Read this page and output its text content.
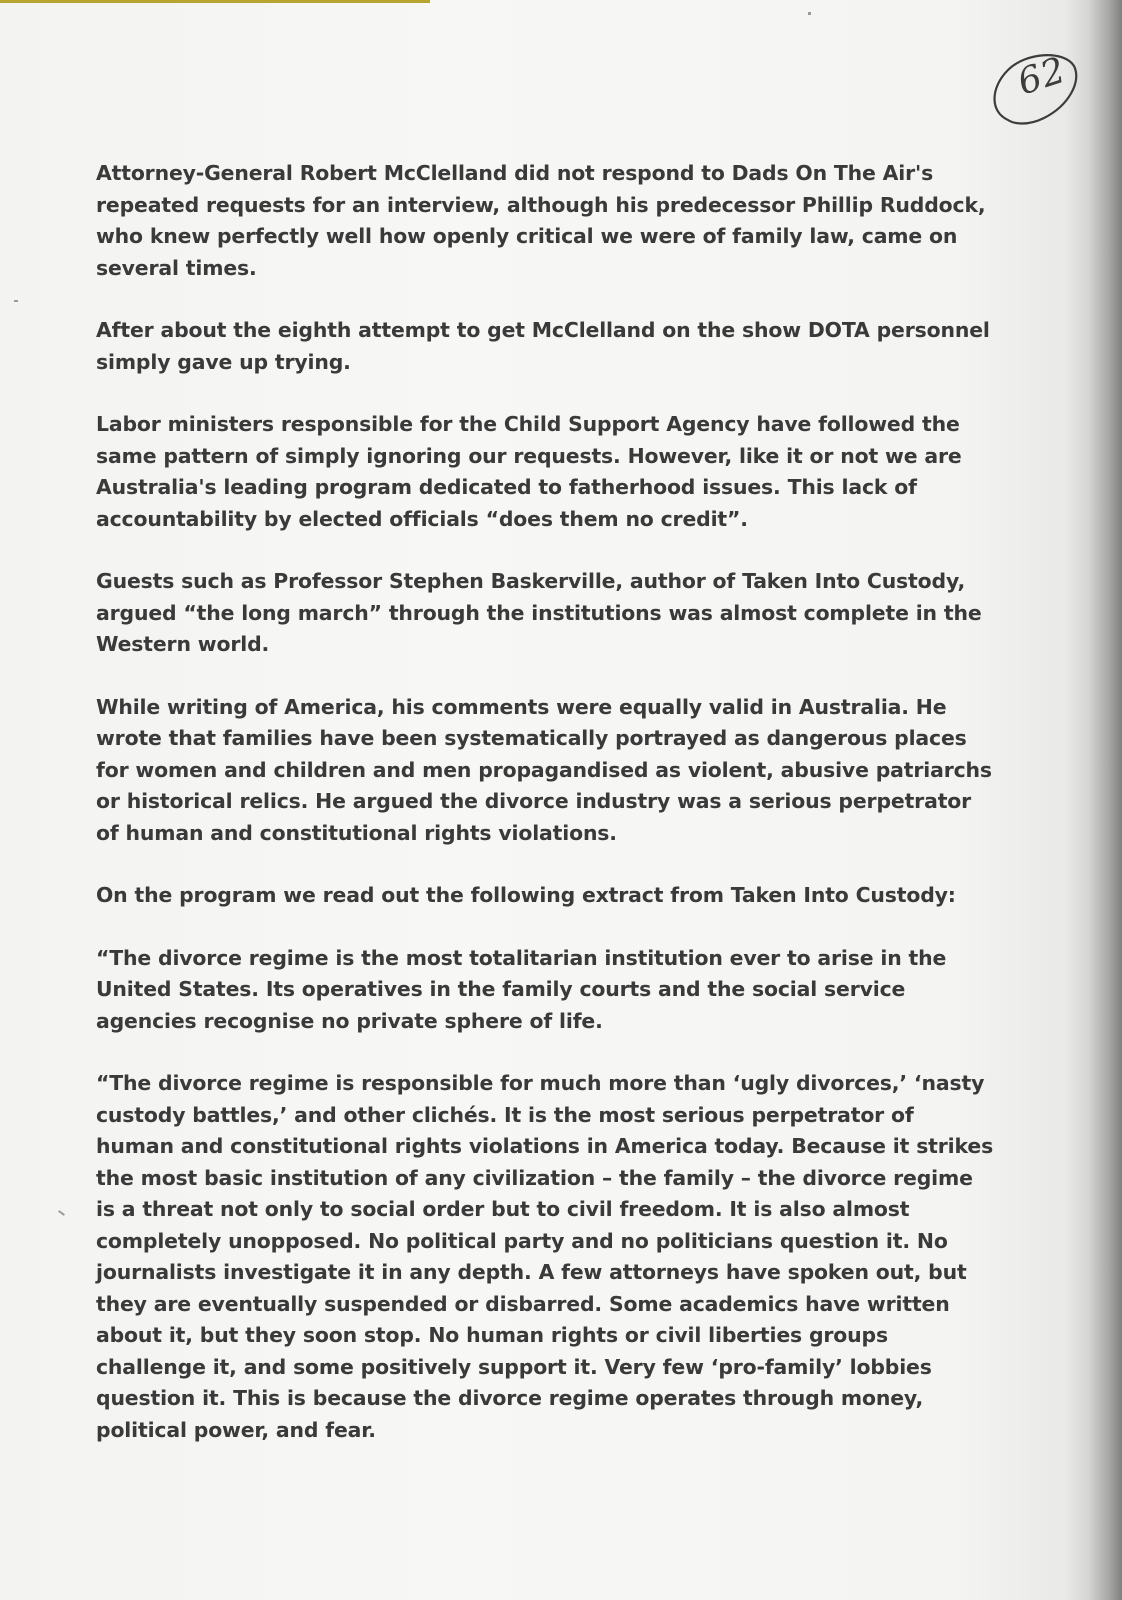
62

Attorney-General Robert McClelland did not respond to Dads On The Air's repeated requests for an interview, although his predecessor Phillip Ruddock, who knew perfectly well how openly critical we were of family law, came on several times.

After about the eighth attempt to get McClelland on the show DOTA personnel simply gave up trying.

Labor ministers responsible for the Child Support Agency have followed the same pattern of simply ignoring our requests. However, like it or not we are Australia's leading program dedicated to fatherhood issues. This lack of accountability by elected officials “does them no credit”.

Guests such as Professor Stephen Baskerville, author of Taken Into Custody, argued “the long march” through the institutions was almost complete in the Western world.

While writing of America, his comments were equally valid in Australia. He wrote that families have been systematically portrayed as dangerous places for women and children and men propagandised as violent, abusive patriarchs or historical relics. He argued the divorce industry was a serious perpetrator of human and constitutional rights violations.

On the program we read out the following extract from Taken Into Custody:

“The divorce regime is the most totalitarian institution ever to arise in the United States. Its operatives in the family courts and the social service agencies recognise no private sphere of life.

“The divorce regime is responsible for much more than ‘ugly divorces,’ ‘nasty custody battles,’ and other clichés. It is the most serious perpetrator of human and constitutional rights violations in America today. Because it strikes the most basic institution of any civilization – the family – the divorce regime is a threat not only to social order but to civil freedom. It is also almost completely unopposed. No political party and no politicians question it. No journalists investigate it in any depth. A few attorneys have spoken out, but they are eventually suspended or disbarred. Some academics have written about it, but they soon stop. No human rights or civil liberties groups challenge it, and some positively support it. Very few ‘pro-family’ lobbies question it. This is because the divorce regime operates through money, political power, and fear.
